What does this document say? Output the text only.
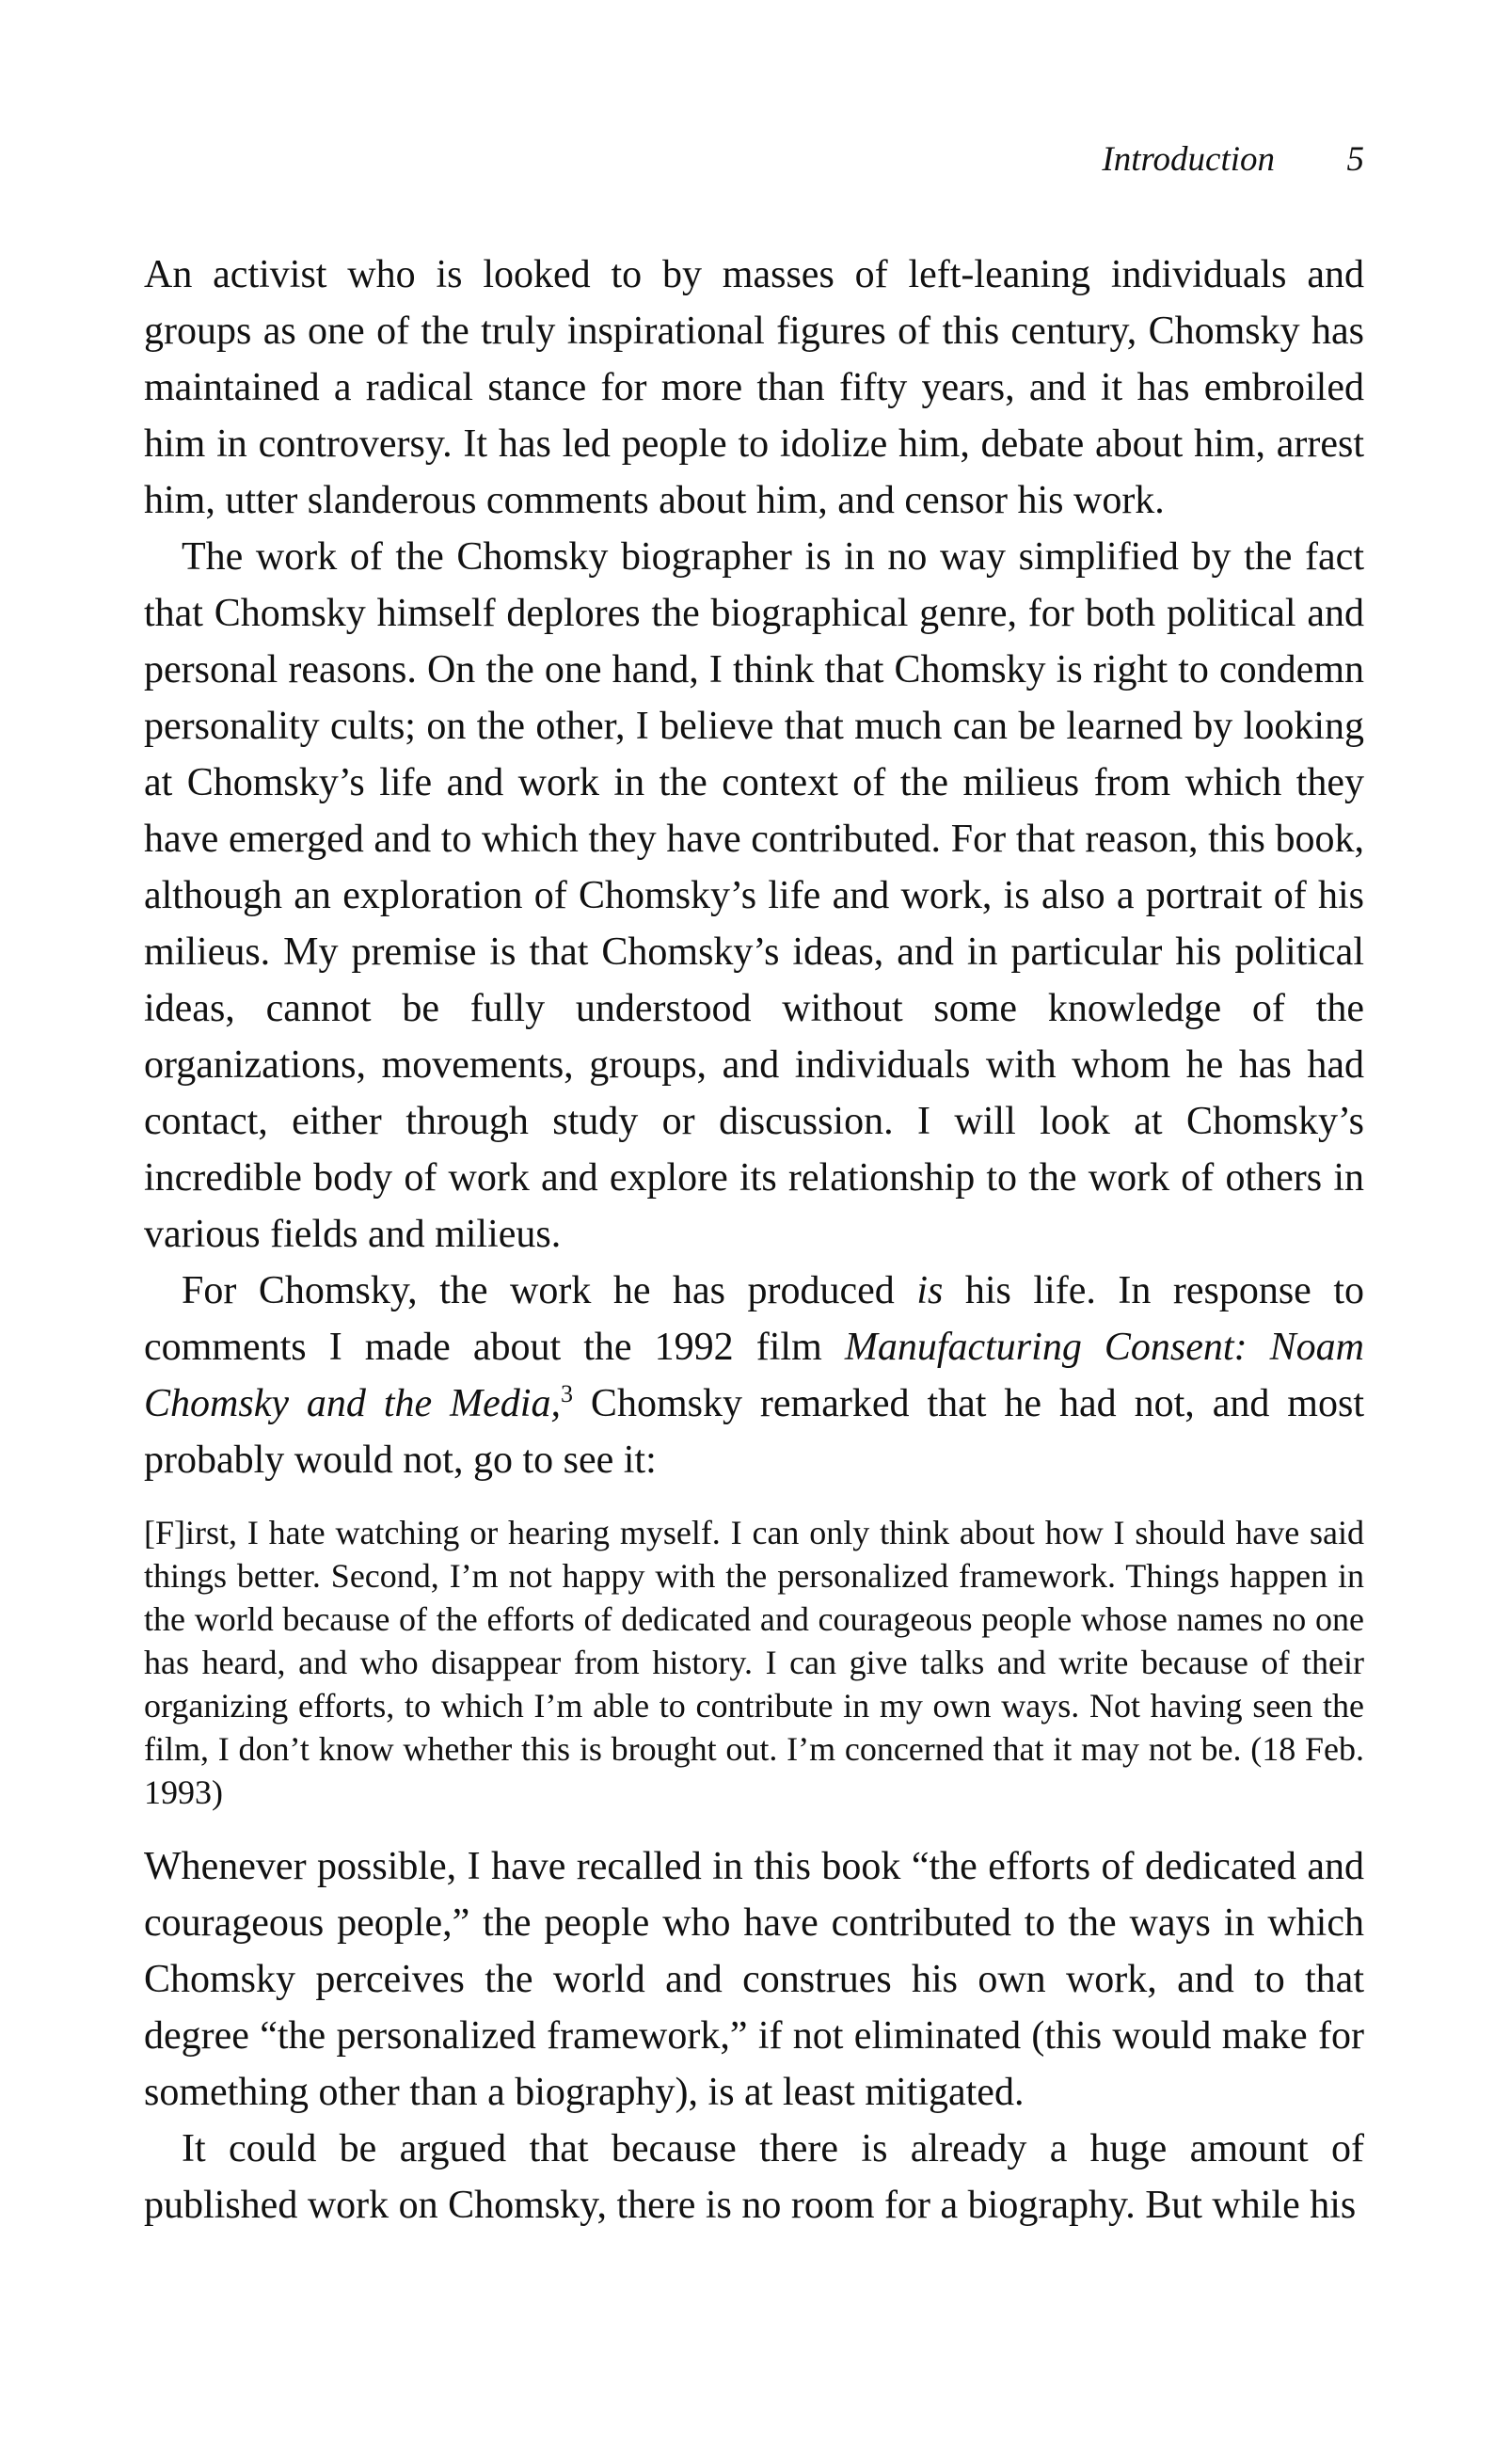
Introduction 5

An activist who is looked to by masses of left-leaning individuals and groups as one of the truly inspirational figures of this century, Chomsky has maintained a radical stance for more than fifty years, and it has embroiled him in controversy. It has led people to idolize him, debate about him, arrest him, utter slanderous comments about him, and censor his work.

The work of the Chomsky biographer is in no way simplified by the fact that Chomsky himself deplores the biographical genre, for both political and personal reasons. On the one hand, I think that Chomsky is right to condemn personality cults; on the other, I believe that much can be learned by looking at Chomsky’s life and work in the context of the milieus from which they have emerged and to which they have contributed. For that reason, this book, although an exploration of Chomsky’s life and work, is also a portrait of his milieus. My premise is that Chomsky’s ideas, and in particular his political ideas, cannot be fully understood without some knowledge of the organizations, movements, groups, and individuals with whom he has had contact, either through study or discussion. I will look at Chomsky’s incredible body of work and explore its relationship to the work of others in various fields and milieus.

For Chomsky, the work he has produced is his life. In response to comments I made about the 1992 film Manufacturing Consent: Noam Chomsky and the Media,$^3$ Chomsky remarked that he had not, and most probably would not, go to see it:

[F]irst, I hate watching or hearing myself. I can only think about how I should have said things better. Second, I’m not happy with the personalized framework. Things happen in the world because of the efforts of dedicated and courageous people whose names no one has heard, and who disappear from history. I can give talks and write because of their organizing efforts, to which I’m able to contribute in my own ways. Not having seen the film, I don’t know whether this is brought out. I’m concerned that it may not be. (18 Feb. 1993)

Whenever possible, I have recalled in this book “the efforts of dedicated and courageous people,” the people who have contributed to the ways in which Chomsky perceives the world and construes his own work, and to that degree “the personalized framework,” if not eliminated (this would make for something other than a biography), is at least mitigated.

It could be argued that because there is already a huge amount of published work on Chomsky, there is no room for a biography. But while his
